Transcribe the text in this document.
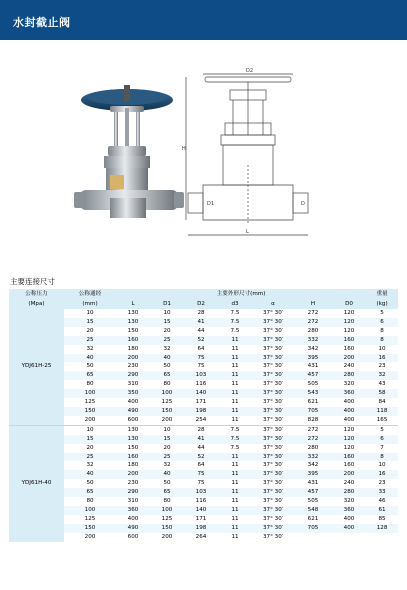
水封截止阀
D2
H
L
D
D1
主要连接尺寸
公称压力
(Mpa)	公称通经
(mm)	主要外形尺寸(mm)							重量
(kg)
		L	D1	D2	d3	α	H	D0	
YDJ61H-25	10	130	10	28	7.5	37° 30′	272	120	5
	15	130	15	41	7.5	37° 30′	272	120	6
	20	150	20	44	7.5	37° 30′	280	120	8
	25	160	25	52	11	37° 30′	332	160	8
	32	180	32	64	11	37° 30′	342	160	10
	40	200	40	75	11	37° 30′	395	200	16
	50	230	50	75	11	37° 30′	431	240	23
	65	290	65	103	11	37° 30′	457	280	32
	80	310	80	116	11	37° 30′	505	320	43
	100	350	100	140	11	37° 30′	543	360	58
	125	400	125	171	11	37° 30′	621	400	84
	150	490	150	198	11	37° 30′	705	400	118
	200	600	200	254	11	37° 30′	828	400	165
YDJ61H-40	10	130	10	28	7.5	37° 30′	272	120	5
	15	130	15	41	7.5	37° 30′	272	120	6
	20	150	20	44	7.5	37° 30′	280	120	7
	25	160	25	52	11	37° 30′	332	160	8
	32	180	32	64	11	37° 30′	342	160	10
	40	200	40	75	11	37° 30′	395	200	16
	50	230	50	75	11	37° 30′	431	240	23
	65	290	65	103	11	37° 30′	457	280	33
	80	310	80	116	11	37° 30′	505	320	46
	100	360	100	140	11	37° 30′	548	360	61
	125	400	125	171	11	37° 30′	621	400	85
	150	490	150	198	11	37° 30′	705	400	128
	200	600	200	264	11	37° 30′			
